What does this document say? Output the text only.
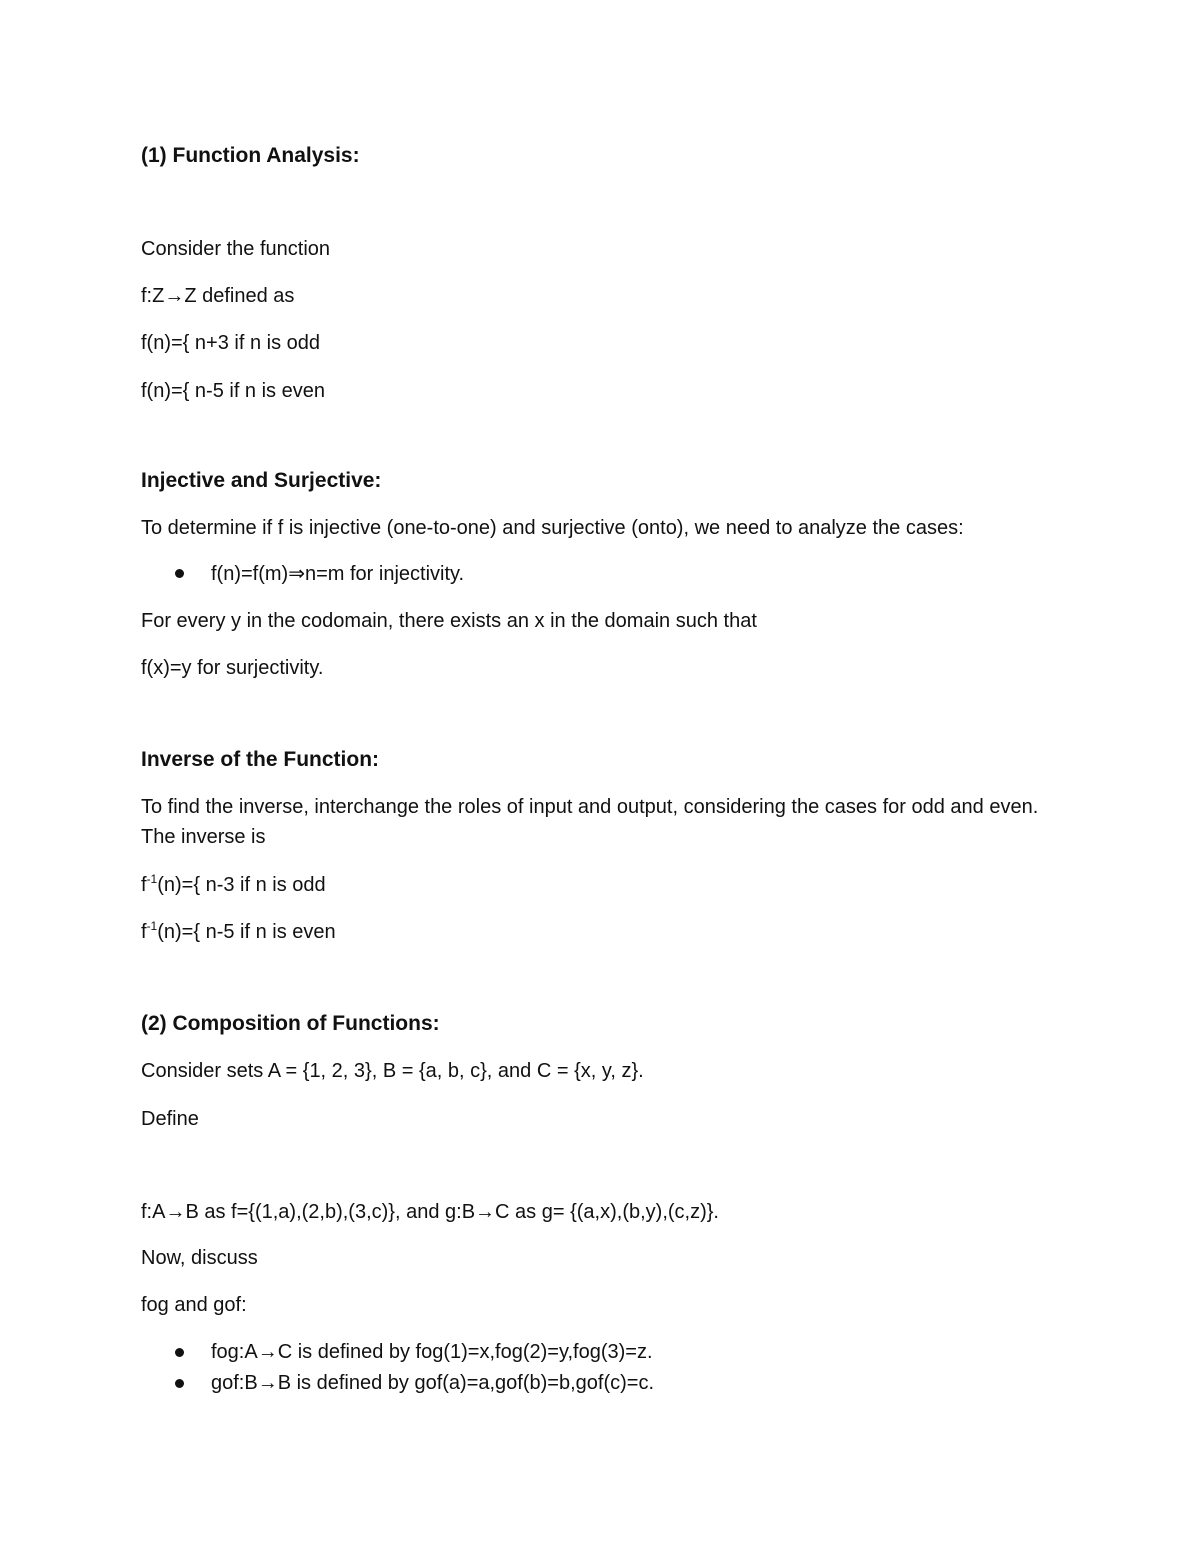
(1) Function Analysis:

Consider the function

f:Z→Z defined as

f(n)={ n+3 if n is odd

f(n)={ n-5 if n is even

Injective and Surjective:

To determine if f is injective (one-to-one) and surjective (onto), we need to analyze the cases:

f(n)=f(m)⇒n=m for injectivity.

For every y in the codomain, there exists an x in the domain such that

f(x)=y for surjectivity.

Inverse of the Function:

To find the inverse, interchange the roles of input and output, considering the cases for odd and even. The inverse is

$f^{-1}(n)=${ n-3 if n is odd

$f^{-1}(n)=${ n-5 if n is even

(2) Composition of Functions:

Consider sets A = {1, 2, 3}, B = {a, b, c}, and C = {x, y, z}.

Define

f:A→B as f={(1,a),(2,b),(3,c)}, and g:B→C as g= {(a,x),(b,y),(c,z)}.

Now, discuss

fog and gof:

fog:A→C is defined by fog(1)=x,fog(2)=y,fog(3)=z.

gof:B→B is defined by gof(a)=a,gof(b)=b,gof(c)=c.
